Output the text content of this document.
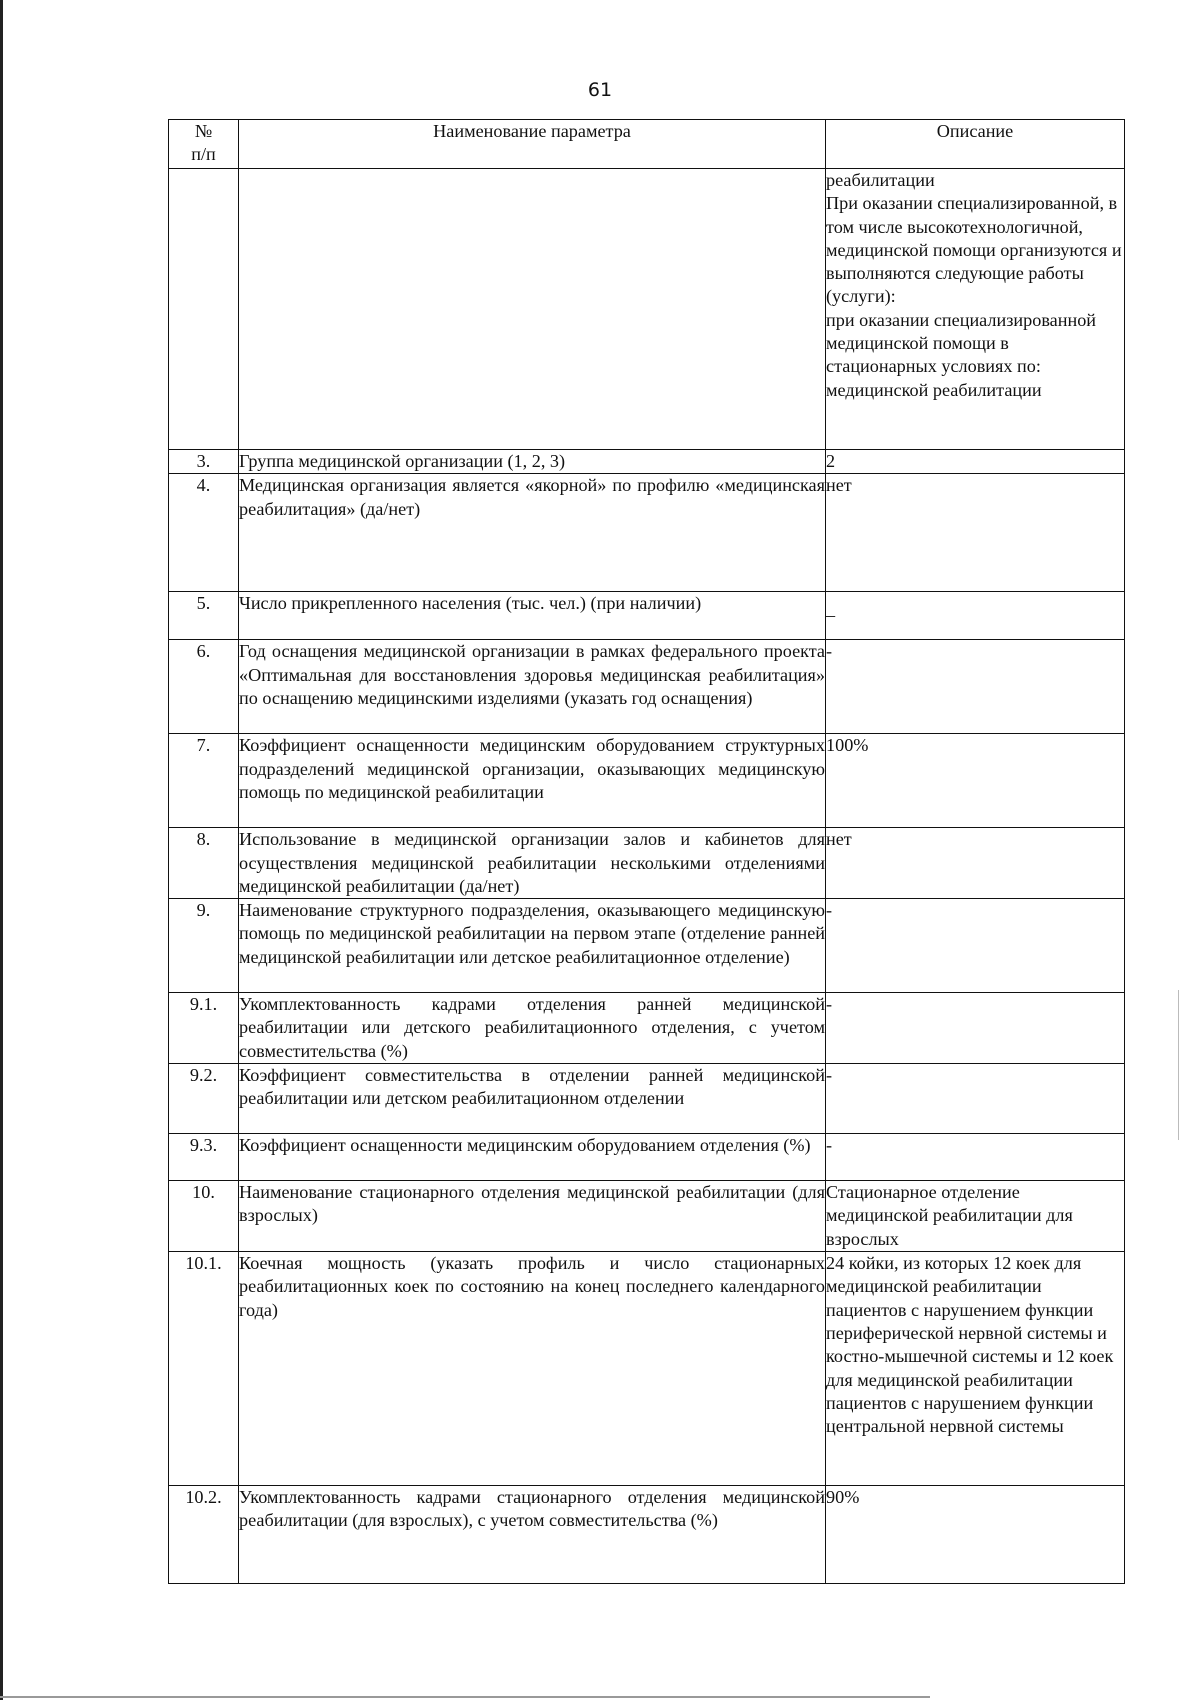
61
№
п/п	Наименование параметра	Описание
		реабилитации
При оказании специализированной, в том числе высокотехнологичной, медицинской помощи организуются и выполняются следующие работы (услуги):
при оказании специализированной медицинской помощи в стационарных условиях по: медицинской реабилитации
3.	Группа медицинской организации (1, 2, 3)	2
4.	Медицинская организация является «якорной» по профилю «медицинская реабилитация» (да/нет)	нет
5.	Число прикрепленного населения (тыс. чел.) (при наличии)	–
6.	Год оснащения медицинской организации в рамках федерального проекта «Оптимальная для восстановления здоровья медицинская реабилитация» по оснащению медицинскими изделиями (указать год оснащения)	-
7.	Коэффициент оснащенности медицинским оборудованием структурных подразделений медицинской организации, оказывающих медицинскую помощь по медицинской реабилитации	100%
8.	Использование в медицинской организации залов и кабинетов для осуществления медицинской реабилитации несколькими отделениями медицинской реабилитации (да/нет)	нет
9.	Наименование структурного подразделения, оказывающего медицинскую помощь по медицинской реабилитации на первом этапе (отделение ранней медицинской реабилитации или детское реабилитационное отделение)	-
9.1.	Укомплектованность кадрами отделения ранней медицинской реабилитации или детского реабилитационного отделения, с учетом совместительства (%)	-
9.2.	Коэффициент совместительства в отделении ранней медицинской реабилитации или детском реабилитационном отделении	-
9.3.	Коэффициент оснащенности медицинским оборудованием отделения (%)	-
10.	Наименование стационарного отделения медицинской реабилитации (для взрослых)	Стационарное отделение медицинской реабилитации для взрослых
10.1.	Коечная мощность (указать профиль и число стационарных реабилитационных коек по состоянию на конец последнего календарного года)	24 койки, из которых 12 коек для медицинской реабилитации пациентов с нарушением функции периферической нервной системы и костно-мышечной системы и 12 коек для медицинской реабилитации пациентов с нарушением функции центральной нервной системы
10.2.	Укомплектованность кадрами стационарного отделения медицинской реабилитации (для взрослых), с учетом совместительства (%)	90%
